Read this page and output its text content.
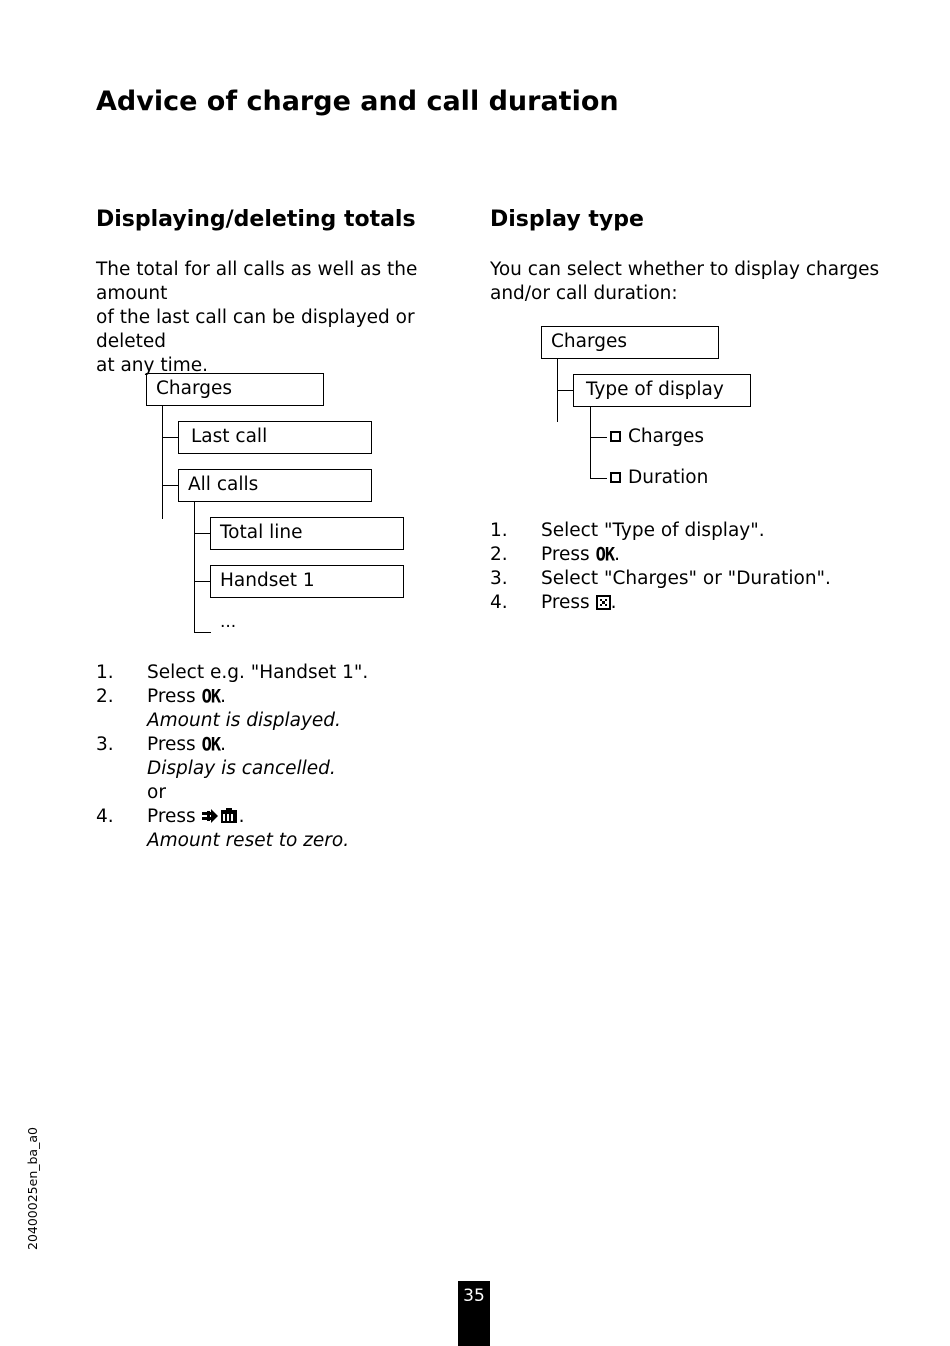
Advice of charge and call duration
Displaying/deleting totals
The total for all calls as well as the amount
of the last call can be displayed or deleted
at any time.
Charges
Last call
All calls
Total line
Handset 1
...
1. Select e.g. "Handset 1".
2. Press OK.
Amount is displayed.
3. Press OK.
Display is cancelled.
or
4. Press .
Amount reset to zero.
Display type
You can select whether to display charges
and/or call duration:
Charges
Type of display
Charges
Duration
1. Select "Type of display".
2. Press OK.
3. Select "Charges" or "Duration".
4. Press .
20400025en_ba_a0
35
